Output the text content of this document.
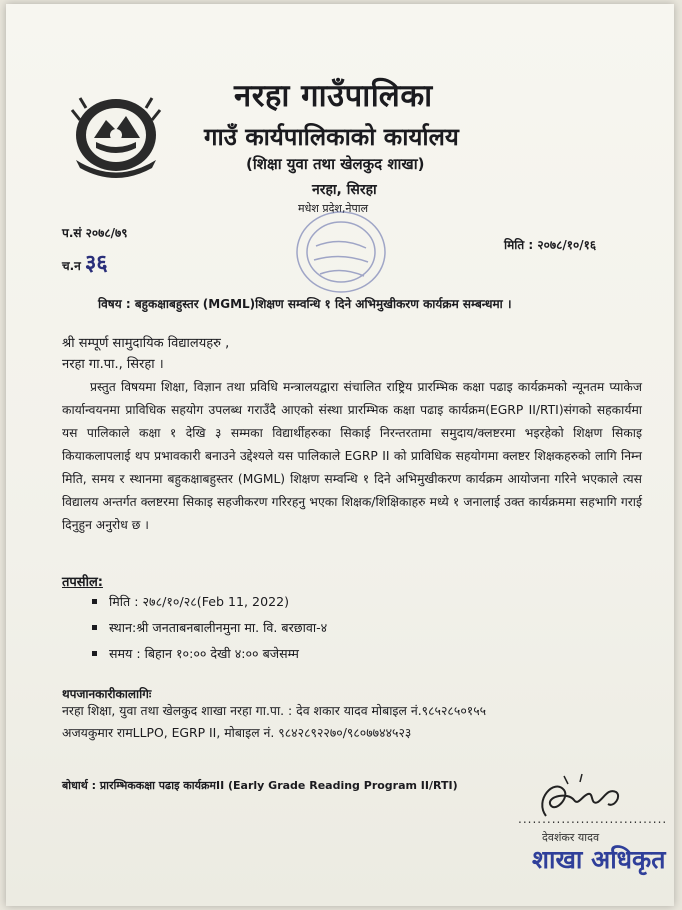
नरहा गाउँपालिका
गाउँ कार्यपालिकाको कार्यालय
(शिक्षा युवा तथा खेलकुद शाखा)
नरहा, सिरहा
मधेश प्रदेश,नेपाल
प.सं २०७८/७९
च.न ३६
मिति : २०७८/१०/१६
विषय : बहुकक्षाबहुस्तर (MGML)शिक्षण सम्वन्धि १ दिने अभिमुखीकरण कार्यक्रम सम्बन्धमा ।
श्री सम्पूर्ण सामुदायिक विद्यालयहरु ,
नरहा गा.पा., सिरहा ।

प्रस्तुत विषयमा शिक्षा, विज्ञान तथा प्रविधि मन्त्रालयद्वारा संचालित राष्ट्रिय प्रारम्भिक कक्षा पढाइ कार्यक्रमको न्यूनतम प्याकेज कार्यान्वयनमा प्राविधिक सहयोग उपलब्ध गराउँदै आएको संस्था प्रारम्भिक कक्षा पढाइ कार्यक्रम(EGRP II/RTI)संगको सहकार्यमा यस पालिकाले कक्षा १ देखि ३ सम्मका विद्यार्थीहरुका सिकाई निरन्तरतामा समुदाय/क्लष्टरमा भइरहेको शिक्षण सिकाइ कियाकलापलाई थप प्रभावकारी बनाउने उद्देश्यले यस पालिकाले EGRP II को प्राविधिक सहयोगमा क्लष्टर शिक्षकहरुको लागि निम्न मिति, समय र स्थानमा बहुकक्षाबहुस्तर (MGML) शिक्षण सम्वन्धि १ दिने अभिमुखीकरण कार्यक्रम आयोजना गरिने भएकाले त्यस विद्यालय अन्तर्गत क्लष्टरमा सिकाइ सहजीकरण गरिरहनु भएका शिक्षक/शिक्षिकाहरु मध्ये १ जनालाई उक्त कार्यक्रममा सहभागि गराई दिनुहुन अनुरोध छ ।

तपसील:
मिति : २७८/१०/२८(Feb 11, 2022)
स्थान:श्री जनताबनबालीनमुना मा. वि. बरछावा-४
समय : बिहान १०:०० देखी ४:०० बजेसम्म
थपजानकारीकालागिः
नरहा शिक्षा, युवा तथा खेलकुद शाखा नरहा गा.पा. : देव शकार यादव मोबाइल नं.९८५२८५०१५५
अजयकुमार रामLLPO, EGRP II, मोबाइल नं. ९८४२८९२२७०/९८०७७४४५२३
बोधार्थ : प्रारम्भिककक्षा पढाइ कार्यक्रमII (Early Grade Reading Program II/RTI)
...............................
देवशंकर यादव
शाखा अधिकृत
